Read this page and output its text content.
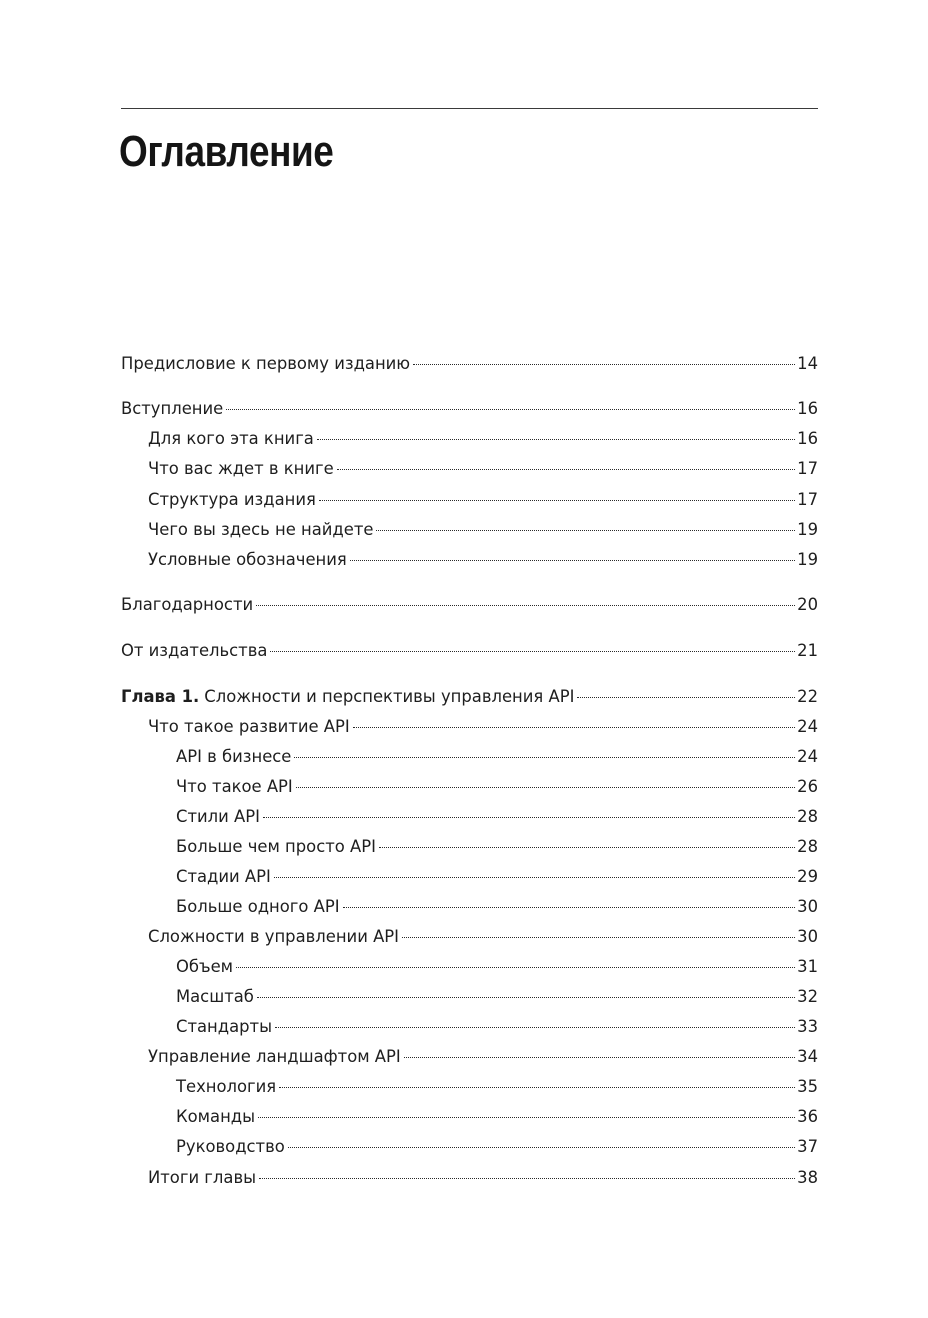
Оглавление
Предисловие к первому изданию	14
Вступление	16
Для кого эта книга	16
Что вас ждет в книге	17
Структура издания	17
Чего вы здесь не найдете	19
Условные обозначения	19
Благодарности	20
От издательства	21
Глава 1. Сложности и перспективы управления API	22
Что такое развитие API	24
API в бизнесе	24
Что такое API	26
Стили API	28
Больше чем просто API	28
Стадии API	29
Больше одного API	30
Сложности в управлении API	30
Объем	31
Масштаб	32
Стандарты	33
Управление ландшафтом API	34
Технология	35
Команды	36
Руководство	37
Итоги главы	38
